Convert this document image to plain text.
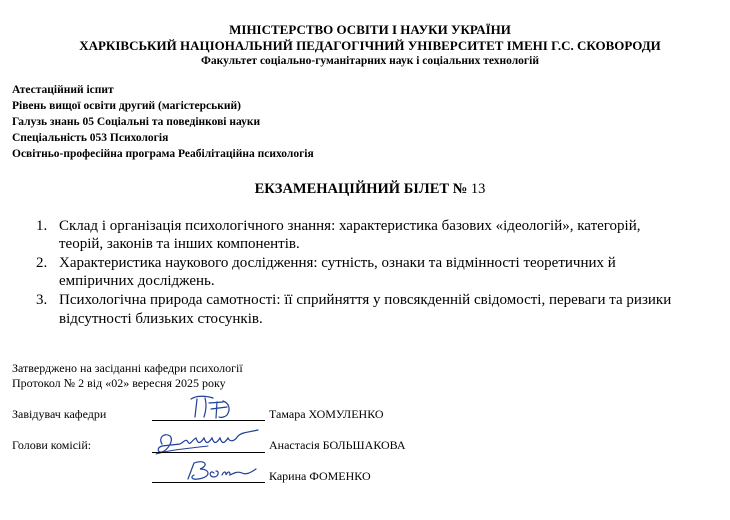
МІНІСТЕРСТВО ОСВІТИ І НАУКИ УКРАЇНИ
ХАРКІВСЬКИЙ НАЦІОНАЛЬНИЙ ПЕДАГОГІЧНИЙ УНІВЕРСИТЕТ ІМЕНІ Г.С. СКОВОРОДИ
Факультет соціально-гуманітарних наук і соціальних технологій
Атестаційний іспит
Рівень вищої освіти другий (магістерський)
Галузь знань 05 Соціальні та поведінкові науки
Спеціальність 053 Психологія
Освітньо-професійна програма Реабілітаційна психологія
ЕКЗАМЕНАЦІЙНИЙ БІЛЕТ № 13
1. Склад і організація психологічного знання: характеристика базових «ідеологій», категорій,
теорій, законів та інших компонентів.
2. Характеристика наукового дослідження: сутність, ознаки та відмінності теоретичних й
емпіричних досліджень.
3. Психологічна природа самотності: її сприйняття у повсякденній свідомості, переваги та ризики
відсутності близьких стосунків.
Затверджено на засіданні кафедри психології
Протокол № 2 від «02» вересня 2025 року
Завідувач кафедри	Тамара ХОМУЛЕНКО
Голови комісій:	Анастасія БОЛЬШАКОВА
Карина ФОМЕНКО
